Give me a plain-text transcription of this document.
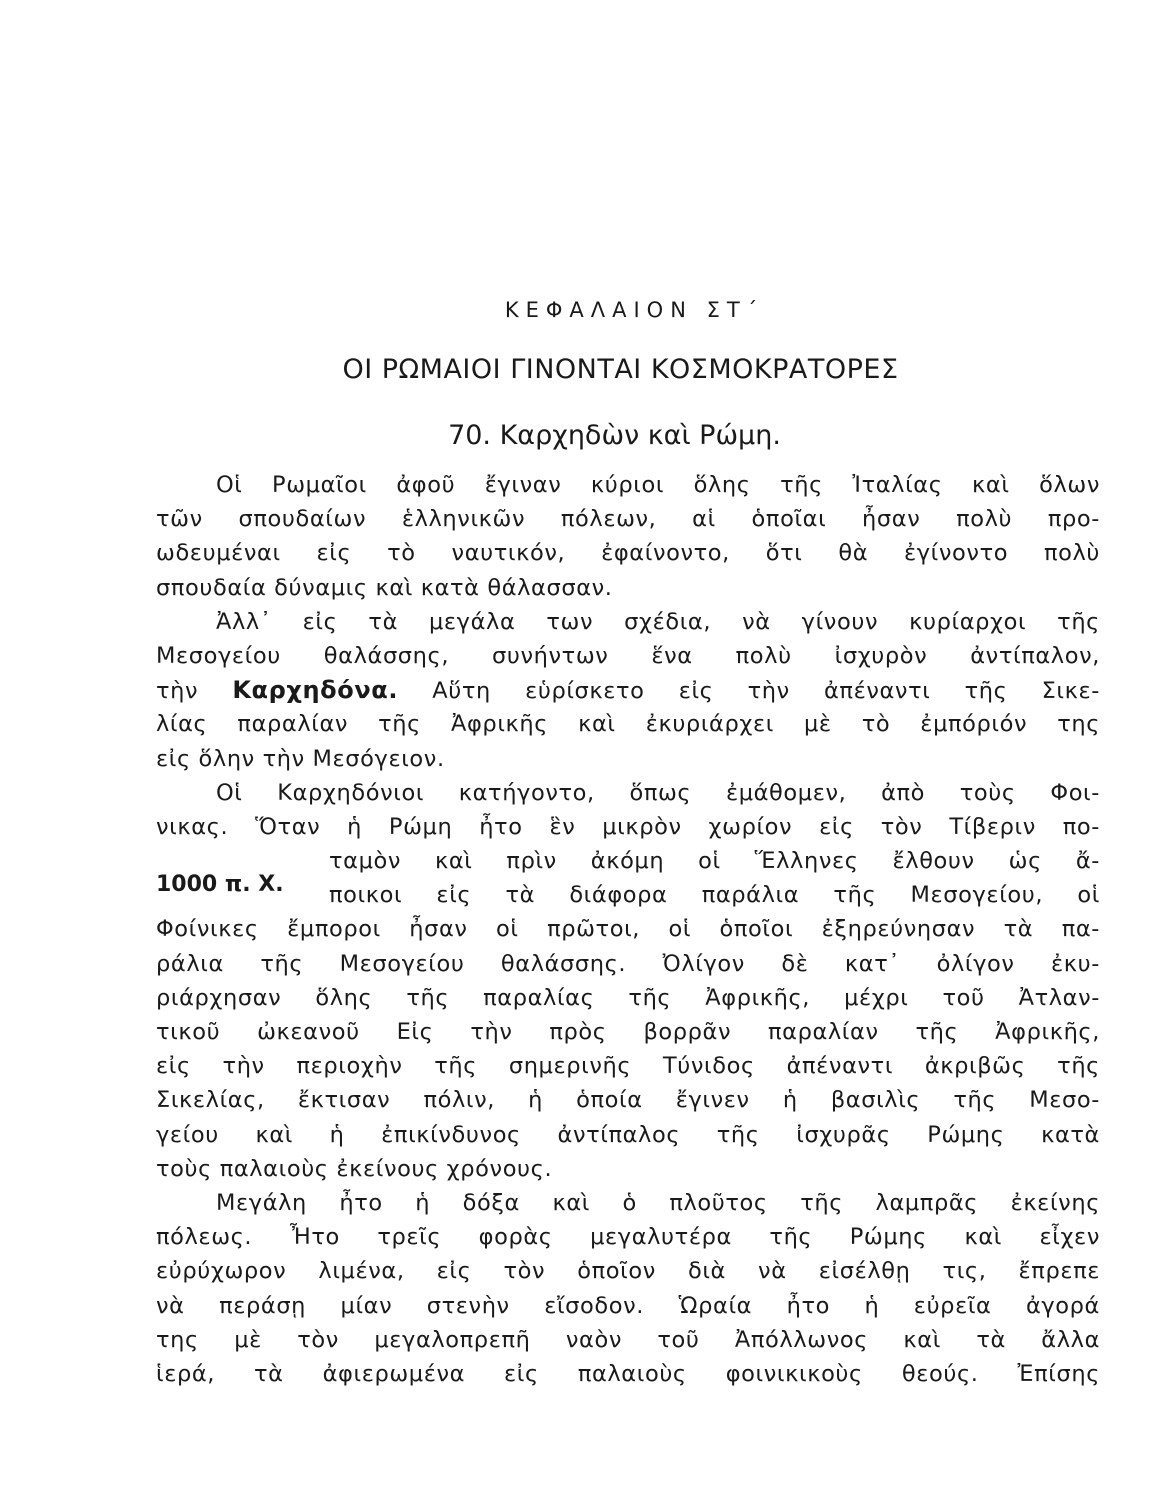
ΚΕΦΑΛΑΙΟΝ ΣΤ΄
ΟΙ ΡΩΜΑΙΟΙ ΓΙΝΟΝΤΑΙ ΚΟΣΜΟΚΡΑΤΟΡΕΣ
70. Καρχηδὼν καὶ Ρώμη.
1000 π. Χ.
Οἱ Ρωμαῖοι ἀφοῦ ἔγιναν κύριοι ὅλης τῆς Ἰταλίας καὶ ὅλων
τῶν σπουδαίων ἑλληνικῶν πόλεων, αἱ ὁποῖαι ἦσαν πολὺ προ-
ωδευμέναι εἰς τὸ ναυτικόν, ἐφαίνοντο, ὅτι θὰ ἐγίνοντο πολὺ
σπουδαία δύναμις καὶ κατὰ θάλασσαν.
Ἀλλ᾿ εἰς τὰ μεγάλα των σχέδια, νὰ γίνουν κυρίαρχοι τῆς
Μεσογείου θαλάσσης, συνήντων ἕνα πολὺ ἰσχυρὸν ἀντίπαλον,
τὴν Καρχηδόνα. Αὕτη εὑρίσκετο εἰς τὴν ἀπέναντι τῆς Σικε-
λίας παραλίαν τῆς Ἀφρικῆς καὶ ἐκυριάρχει μὲ τὸ ἐμπόριόν της
εἰς ὅλην τὴν Μεσόγειον.
Οἱ Καρχηδόνιοι κατήγοντο, ὅπως ἐμάθομεν, ἀπὸ τοὺς Φοι-
νικας. Ὅταν ἡ Ρώμη ἦτο ἓν μικρὸν χωρίον εἰς τὸν Τίβεριν πο-
ταμὸν καὶ πρὶν ἀκόμη οἱ Ἕλληνες ἔλθουν ὡς ἄ-
ποικοι εἰς τὰ διάφορα παράλια τῆς Μεσογείου, οἱ
Φοίνικες ἔμποροι ἦσαν οἱ πρῶτοι, οἱ ὁποῖοι ἐξηρεύνησαν τὰ πα-
ράλια τῆς Μεσογείου θαλάσσης. Ὀλίγον δὲ κατ᾿ ὀλίγον ἐκυ-
ριάρχησαν ὅλης τῆς παραλίας τῆς Ἀφρικῆς, μέχρι τοῦ Ἀτλαν-
τικοῦ ὠκεανοῦ Εἰς τὴν πρὸς βορρᾶν παραλίαν τῆς Ἀφρικῆς,
εἰς τὴν περιοχὴν τῆς σημερινῆς Τύνιδος ἀπέναντι ἀκριβῶς τῆς
Σικελίας, ἔκτισαν πόλιν, ἡ ὁποία ἔγινεν ἡ βασιλὶς τῆς Μεσο-
γείου καὶ ἡ ἐπικίνδυνος ἀντίπαλος τῆς ἰσχυρᾶς Ρώμης κατὰ
τοὺς παλαιοὺς ἐκείνους χρόνους.
Μεγάλη ἦτο ἡ δόξα καὶ ὁ πλοῦτος τῆς λαμπρᾶς ἐκείνης
πόλεως. Ἦτο τρεῖς φορὰς μεγαλυτέρα τῆς Ρώμης καὶ εἶχεν
εὐρύχωρον λιμένα, εἰς τὸν ὁποῖον διὰ νὰ εἰσέλθῃ τις, ἔπρεπε
νὰ περάσῃ μίαν στενὴν εἴσοδον. Ὡραία ἦτο ἡ εὐρεῖα ἀγορά
της μὲ τὸν μεγαλοπρεπῆ ναὸν τοῦ Ἀπόλλωνος καὶ τὰ ἄλλα
ἱερά, τὰ ἀφιερωμένα εἰς παλαιοὺς φοινικικοὺς θεούς. Ἐπίσης
